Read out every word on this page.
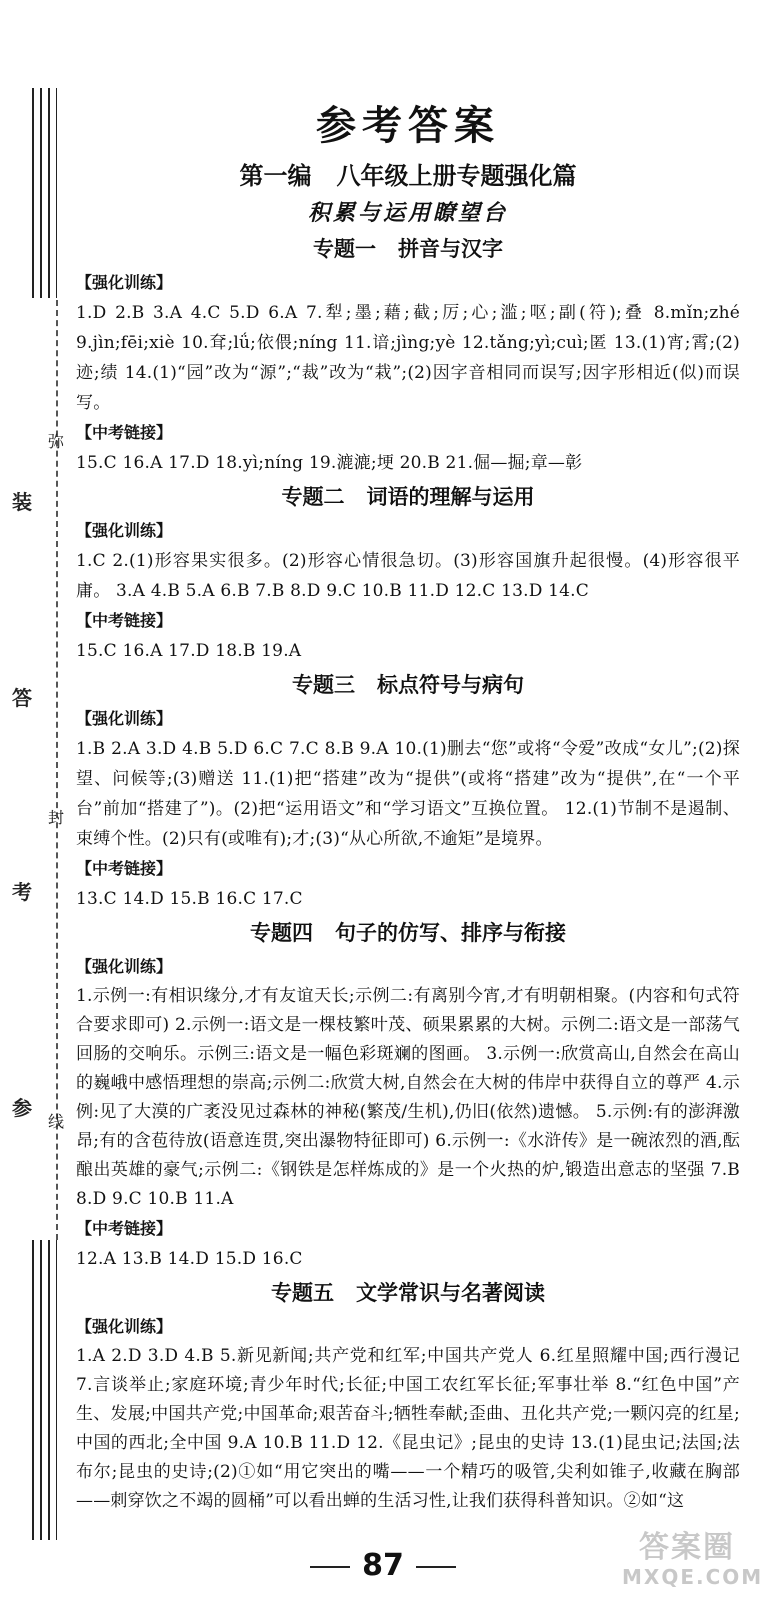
弥
装
答
封
考
参
线
参考答案
第一编   八年级上册专题强化篇
积累与运用瞭望台
专题一   拼音与汉字
【强化训练】
1.D 2.B 3.A 4.C 5.D 6.A 7.犁;墨;藉;截;厉;心;滥;呕;副(符);叠 8.mǐn;zhé 9.jìn;fēi;xiè 10.耷;lǘ;依偎;níng 11.谙;jìng;yè 12.tǎng;yì;cuì;匿 13.(1)宵;霄;(2)迹;绩 14.(1)“园”改为“源”;“裁”改为“栽”;(2)因字音相同而误写;因字形相近(似)而误写。
【中考链接】
15.C 16.A 17.D 18.yì;níng 19.漉漉;埂 20.B 21.倔—掘;章—彰
专题二   词语的理解与运用
【强化训练】
1.C 2.(1)形容果实很多。(2)形容心情很急切。(3)形容国旗升起很慢。(4)形容很平庸。 3.A 4.B 5.A 6.B 7.B 8.D 9.C 10.B 11.D 12.C 13.D 14.C
【中考链接】
15.C 16.A 17.D 18.B 19.A
专题三   标点符号与病句
【强化训练】
1.B 2.A 3.D 4.B 5.D 6.C 7.C 8.B 9.A 10.(1)删去“您”或将“令爱”改成“女儿”;(2)探望、问候等;(3)赠送 11.(1)把“搭建”改为“提供”(或将“搭建”改为“提供”,在“一个平台”前加“搭建了”)。(2)把“运用语文”和“学习语文”互换位置。 12.(1)节制不是遏制、束缚个性。(2)只有(或唯有);才;(3)“从心所欲,不逾矩”是境界。
【中考链接】
13.C 14.D 15.B 16.C 17.C
专题四   句子的仿写、排序与衔接
【强化训练】
1.示例一:有相识缘分,才有友谊天长;示例二:有离别今宵,才有明朝相聚。(内容和句式符合要求即可) 2.示例一:语文是一棵枝繁叶茂、硕果累累的大树。示例二:语文是一部荡气回肠的交响乐。示例三:语文是一幅色彩斑斓的图画。 3.示例一:欣赏高山,自然会在高山的巍峨中感悟理想的崇高;示例二:欣赏大树,自然会在大树的伟岸中获得自立的尊严 4.示例:见了大漠的广袤没见过森林的神秘(繁茂/生机),仍旧(依然)遗憾。 5.示例:有的澎湃激昂;有的含苞待放(语意连贯,突出瀑物特征即可) 6.示例一:《水浒传》是一碗浓烈的酒,酝酿出英雄的豪气;示例二:《钢铁是怎样炼成的》是一个火热的炉,锻造出意志的坚强 7.B 8.D 9.C 10.B 11.A
【中考链接】
12.A 13.B 14.D 15.D 16.C
专题五   文学常识与名著阅读
【强化训练】
1.A 2.D 3.D 4.B 5.新见新闻;共产党和红军;中国共产党人 6.红星照耀中国;西行漫记 7.言谈举止;家庭环境;青少年时代;长征;中国工农红军长征;军事壮举 8.“红色中国”产生、发展;中国共产党;中国革命;艰苦奋斗;牺牲奉献;歪曲、丑化共产党;一颗闪亮的红星;中国的西北;全中国 9.A 10.B 11.D 12.《昆虫记》;昆虫的史诗 13.(1)昆虫记;法国;法布尔;昆虫的史诗;(2)①如“用它突出的嘴——一个精巧的吸管,尖利如锥子,收藏在胸部——刺穿饮之不竭的圆桶”可以看出蝉的生活习性,让我们获得科普知识。②如“这
87
答案圈
MXQE.COM
